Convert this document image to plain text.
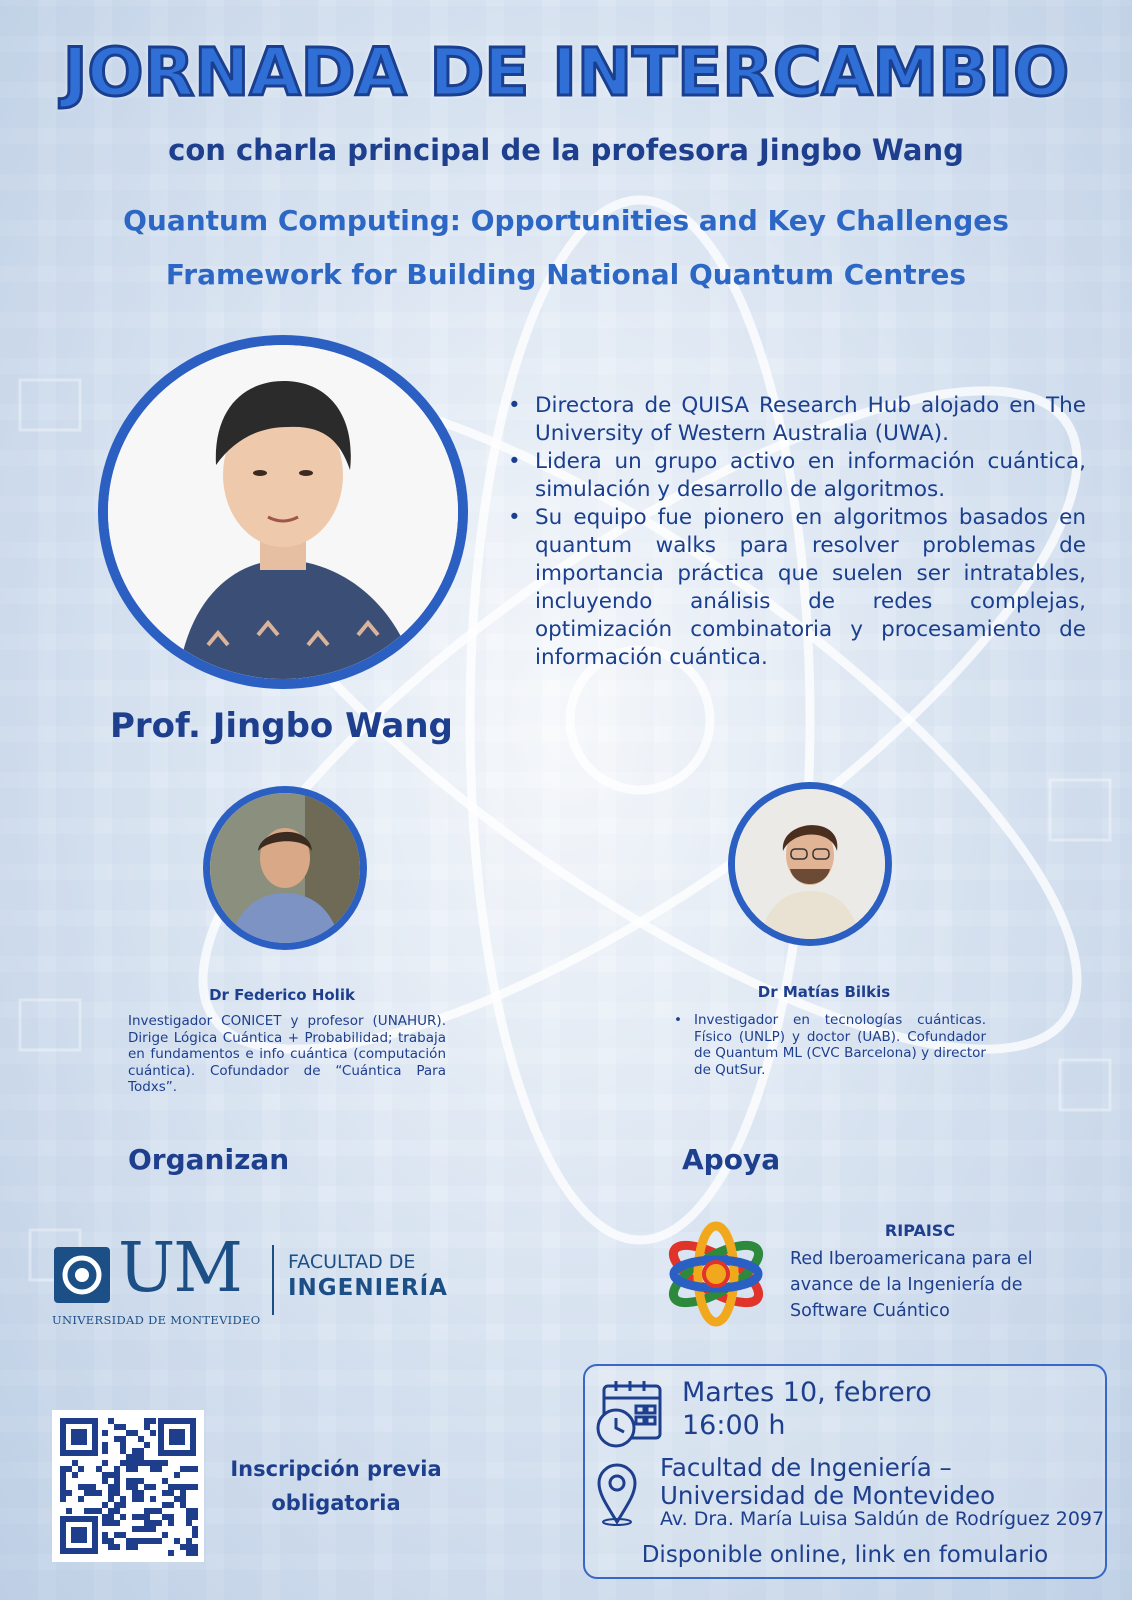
JORNADA DE INTERCAMBIO
con charla principal de la profesora Jingbo Wang
Quantum Computing: Opportunities and Key Challenges
Framework for Building National Quantum Centres
Prof. Jingbo Wang
• Directora de QUISA Research Hub alojado en The University of Western Australia (UWA).
• Lidera un grupo activo en información cuántica, simulación y desarrollo de algoritmos.
• Su equipo fue pionero en algoritmos basados en quantum walks para resolver problemas de importancia práctica que suelen ser intratables, incluyendo análisis de redes complejas, optimización combinatoria y procesamiento de información cuántica.
Dr Federico Holik
Investigador CONICET y profesor (UNAHUR). Dirige Lógica Cuántica + Probabilidad; trabaja en fundamentos e info cuántica (computación cuántica). Cofundador de “Cuántica Para Todxs”.
Dr Matías Bilkis
• Investigador en tecnologías cuánticas. Físico (UNLP) y doctor (UAB). Cofundador de Quantum ML (CVC Barcelona) y director de QutSur.
Organizan	Apoya
UM
UNIVERSIDAD DE MONTEVIDEO
FACULTAD DE
INGENIERÍA
RIPAISC
Red Iberoamericana para el avance de la Ingeniería de Software Cuántico
Inscripción previa obligatoria
Martes 10, febrero
16:00 h
Facultad de Ingeniería – Universidad de Montevideo
Av. Dra. María Luisa Saldún de Rodríguez 2097
Disponible online, link en fomulario
